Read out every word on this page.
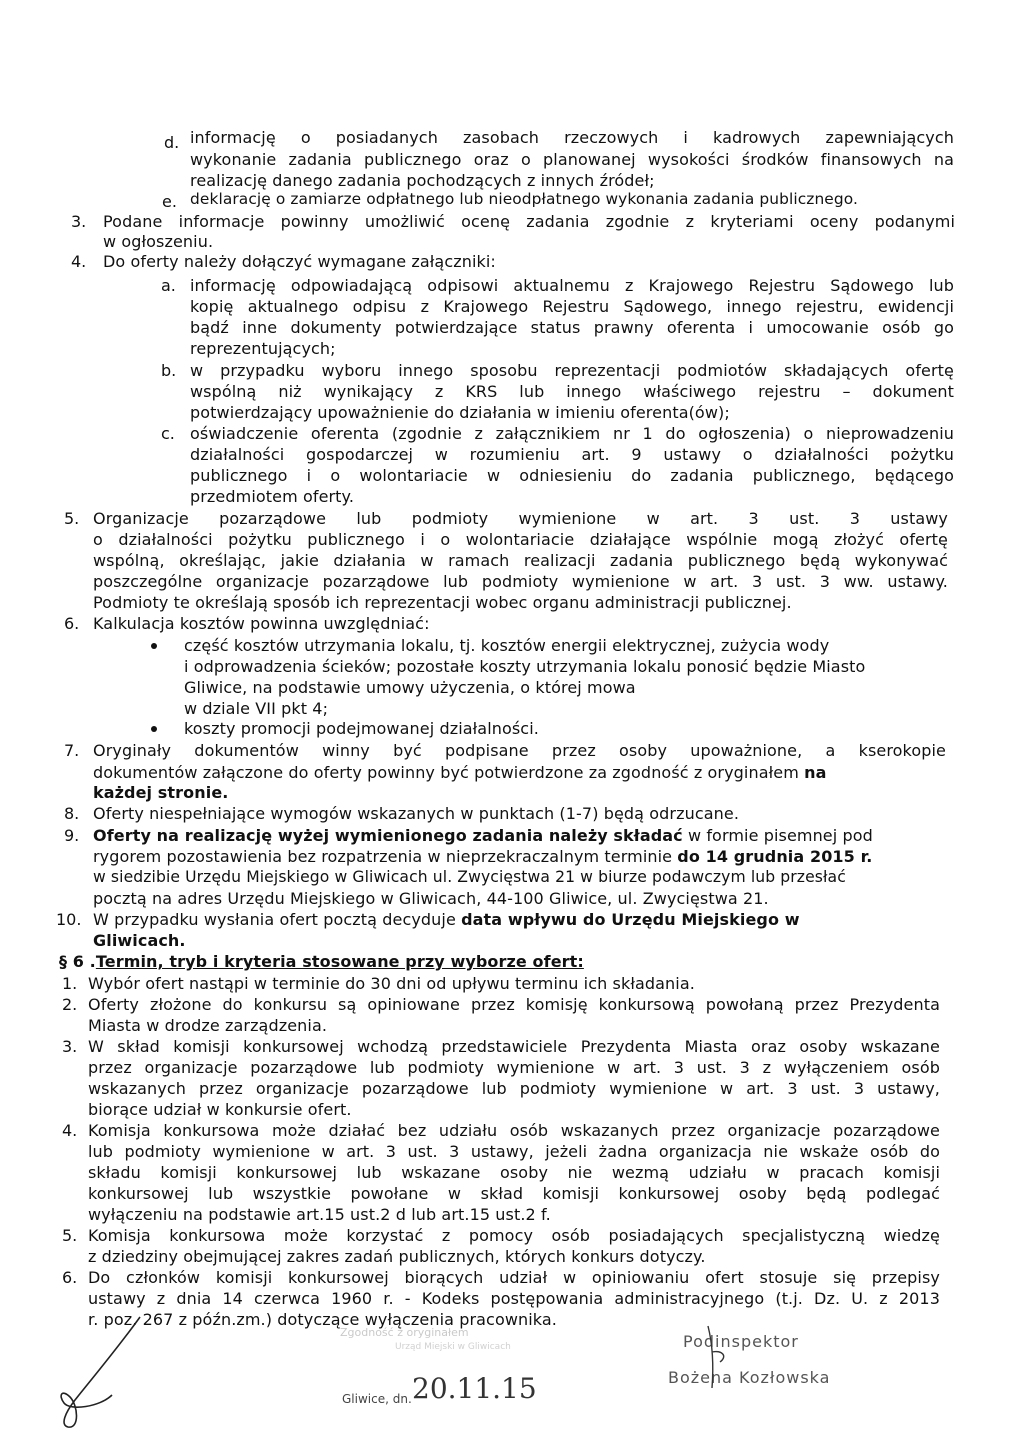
d. informację o posiadanych zasobach rzeczowych i kadrowych zapewniających
wykonanie zadania publicznego oraz o planowanej wysokości środków finansowych na
realizację danego zadania pochodzących z innych źródeł;
e. deklarację o zamiarze odpłatnego lub nieodpłatnego wykonania zadania publicznego.
3. Podane informacje powinny umożliwić ocenę zadania zgodnie z kryteriami oceny podanymi
w ogłoszeniu.
4. Do oferty należy dołączyć wymagane załączniki:
a. informację odpowiadającą odpisowi aktualnemu z Krajowego Rejestru Sądowego lub
kopię aktualnego odpisu z Krajowego Rejestru Sądowego, innego rejestru, ewidencji
bądź inne dokumenty potwierdzające status prawny oferenta i umocowanie osób go
reprezentujących;
b. w przypadku wyboru innego sposobu reprezentacji podmiotów składających ofertę
wspólną niż wynikający z KRS lub innego właściwego rejestru – dokument
potwierdzający upoważnienie do działania w imieniu oferenta(ów);
c. oświadczenie oferenta (zgodnie z załącznikiem nr 1 do ogłoszenia) o nieprowadzeniu
działalności gospodarczej w rozumieniu art. 9 ustawy o działalności pożytku
publicznego i o wolontariacie w odniesieniu do zadania publicznego, będącego
przedmiotem oferty.
5. Organizacje pozarządowe lub podmioty wymienione w art. 3 ust. 3 ustawy
o działalności pożytku publicznego i o wolontariacie działające wspólnie mogą złożyć ofertę
wspólną, określając, jakie działania w ramach realizacji zadania publicznego będą wykonywać
poszczególne organizacje pozarządowe lub podmioty wymienione w art. 3 ust. 3 ww. ustawy.
Podmioty te określają sposób ich reprezentacji wobec organu administracji publicznej.
6. Kalkulacja kosztów powinna uwzględniać:
część kosztów utrzymania lokalu, tj. kosztów energii elektrycznej, zużycia wody
i odprowadzenia ścieków; pozostałe koszty utrzymania lokalu ponosić będzie Miasto
Gliwice, na podstawie umowy użyczenia, o której mowa
w dziale VII pkt 4;
koszty promocji podejmowanej działalności.
7. Oryginały dokumentów winny być podpisane przez osoby upoważnione, a kserokopie
dokumentów załączone do oferty powinny być potwierdzone za zgodność z oryginałem na
każdej stronie.
8. Oferty niespełniające wymogów wskazanych w punktach (1-7) będą odrzucane.
9. Oferty na realizację wyżej wymienionego zadania należy składać w formie pisemnej pod
rygorem pozostawienia bez rozpatrzenia w nieprzekraczalnym terminie do 14 grudnia 2015 r.
w siedzibie Urzędu Miejskiego w Gliwicach ul. Zwycięstwa 21 w biurze podawczym lub przesłać
pocztą na adres Urzędu Miejskiego w Gliwicach, 44-100 Gliwice, ul. Zwycięstwa 21.
10. W przypadku wysłania ofert pocztą decyduje data wpływu do Urzędu Miejskiego w
Gliwicach.
§ 6 .Termin, tryb i kryteria stosowane przy wyborze ofert:
1. Wybór ofert nastąpi w terminie do 30 dni od upływu terminu ich składania.
2. Oferty złożone do konkursu są opiniowane przez komisję konkursową powołaną przez Prezydenta
Miasta w drodze zarządzenia.
3. W skład komisji konkursowej wchodzą przedstawiciele Prezydenta Miasta oraz osoby wskazane
przez organizacje pozarządowe lub podmioty wymienione w art. 3 ust. 3 z wyłączeniem osób
wskazanych przez organizacje pozarządowe lub podmioty wymienione w art. 3 ust. 3 ustawy,
biorące udział w konkursie ofert.
4. Komisja konkursowa może działać bez udziału osób wskazanych przez organizacje pozarządowe
lub podmioty wymienione w art. 3 ust. 3 ustawy, jeżeli żadna organizacja nie wskaże osób do
składu komisji konkursowej lub wskazane osoby nie wezmą udziału w pracach komisji
konkursowej lub wszystkie powołane w skład komisji konkursowej osoby będą podlegać
wyłączeniu na podstawie art.15 ust.2 d lub art.15 ust.2 f.
5. Komisja konkursowa może korzystać z pomocy osób posiadających specjalistyczną wiedzę
z dziedziny obejmującej zakres zadań publicznych, których konkurs dotyczy.
6. Do członków komisji konkursowej biorących udział w opiniowaniu ofert stosuje się przepisy
ustawy z dnia 14 czerwca 1960 r. - Kodeks postępowania administracyjnego (t.j. Dz. U. z 2013
r. poz. 267 z późn.zm.) dotyczące wyłączenia pracownika.
Zgodność z oryginałem
Urząd Miejski w Gliwicach
Gliwice, dn. 20.11.15
Podinspektor
Bożena Kozłowska
